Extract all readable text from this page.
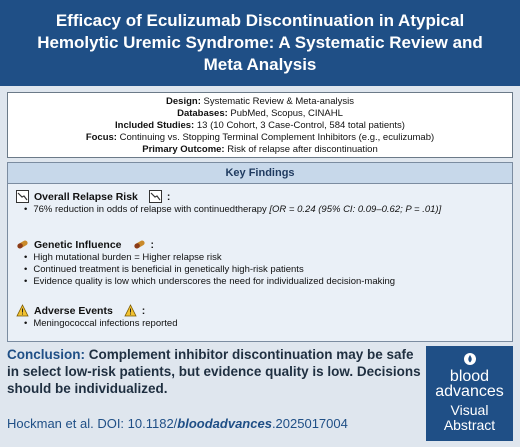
Efficacy of Eculizumab Discontinuation in Atypical Hemolytic Uremic Syndrome: A Systematic Review and Meta Analysis
Design: Systematic Review & Meta-analysis
Databases: PubMed, Scopus, CINAHL
Included Studies: 13 (10 Cohort, 3 Case-Control, 584 total patients)
Focus: Continuing vs. Stopping Terminal Complement Inhibitors (e.g., eculizumab)
Primary Outcome: Risk of relapse after discontinuation
Key Findings
Overall Relapse Risk	:
• 76% reduction in odds of relapse with continuedtherapy [OR = 0.24 (95% CI: 0.09–0.62; P = .01)]
Genetic Influence	:
• High mutational burden = Higher relapse risk
• Continued treatment is beneficial in genetically high-risk patients
• Evidence quality is low which underscores the need for individualized decision-making
Adverse Events	:
• Meningococcal infections reported
Conclusion: Complement inhibitor discontinuation may be safe in select low-risk patients, but evidence quality is low. Decisions should be individualized.
Hockman et al. DOI: 10.1182/bloodadvances.2025017004
blood
advances
Visual
Abstract
